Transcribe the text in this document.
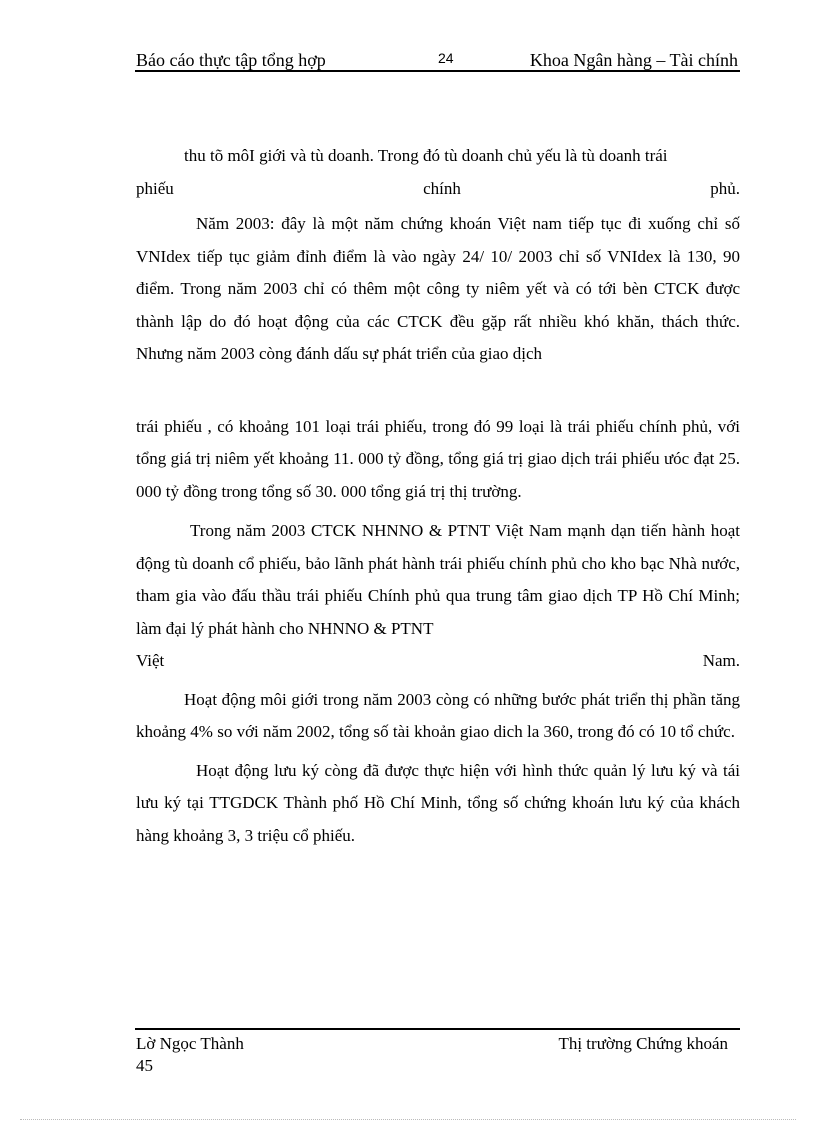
Báo cáo thực tập tổng hợp	24	Khoa Ngân hàng – Tài chính

thu tõ môI giới và tù doanh. Trong đó tù doanh chủ yếu là tù doanh trái

phiếu chính phủ.

Năm 2003: đây là một năm chứng khoán Việt nam tiếp tục đi xuống chỉ số VNIdex tiếp tục giảm đỉnh điểm là vào ngày 24/ 10/ 2003 chỉ số VNIdex là 130, 90 điểm. Trong năm 2003 chỉ có thêm một công ty niêm yết và có tới bèn CTCK được thành lập do đó hoạt động của các CTCK đều gặp rất nhiều khó khăn, thách thức. Nhưng năm 2003 còng đánh dấu sự phát triển của giao dịch

trái phiếu , có khoảng 101 loại trái phiếu, trong đó 99 loại là trái phiếu chính phủ, với tổng giá trị niêm yết khoảng 11. 000 tỷ đồng, tổng giá trị giao dịch trái phiếu ưóc đạt 25. 000 tỷ đồng trong tổng số 30. 000 tổng giá trị thị trường.

Trong năm 2003 CTCK NHNNO & PTNT Việt Nam mạnh dạn tiến hành hoạt động tù doanh cổ phiếu, bảo lãnh phát hành trái phiếu chính phủ cho kho bạc Nhà nước, tham gia vào đấu thầu trái phiếu Chính phủ qua trung tâm giao dịch TP Hồ Chí Minh; làm đại lý phát hành cho NHNNO & PTNT

Việt Nam.

Hoạt động môi giới trong năm 2003 còng có những bước phát triển thị phần tăng khoảng 4% so với năm 2002, tổng số tài khoản giao dich la 360, trong đó có 10 tổ chức.

Hoạt động lưu ký còng đã được thực hiện với hình thức quản lý lưu ký và tái lưu ký tại TTGDCK Thành phố Hồ Chí Minh, tổng số chứng khoán lưu ký của khách hàng khoảng 3, 3 triệu cổ phiếu.

Lờ Ngọc Thành	Thị trường Chứng khoán
45
